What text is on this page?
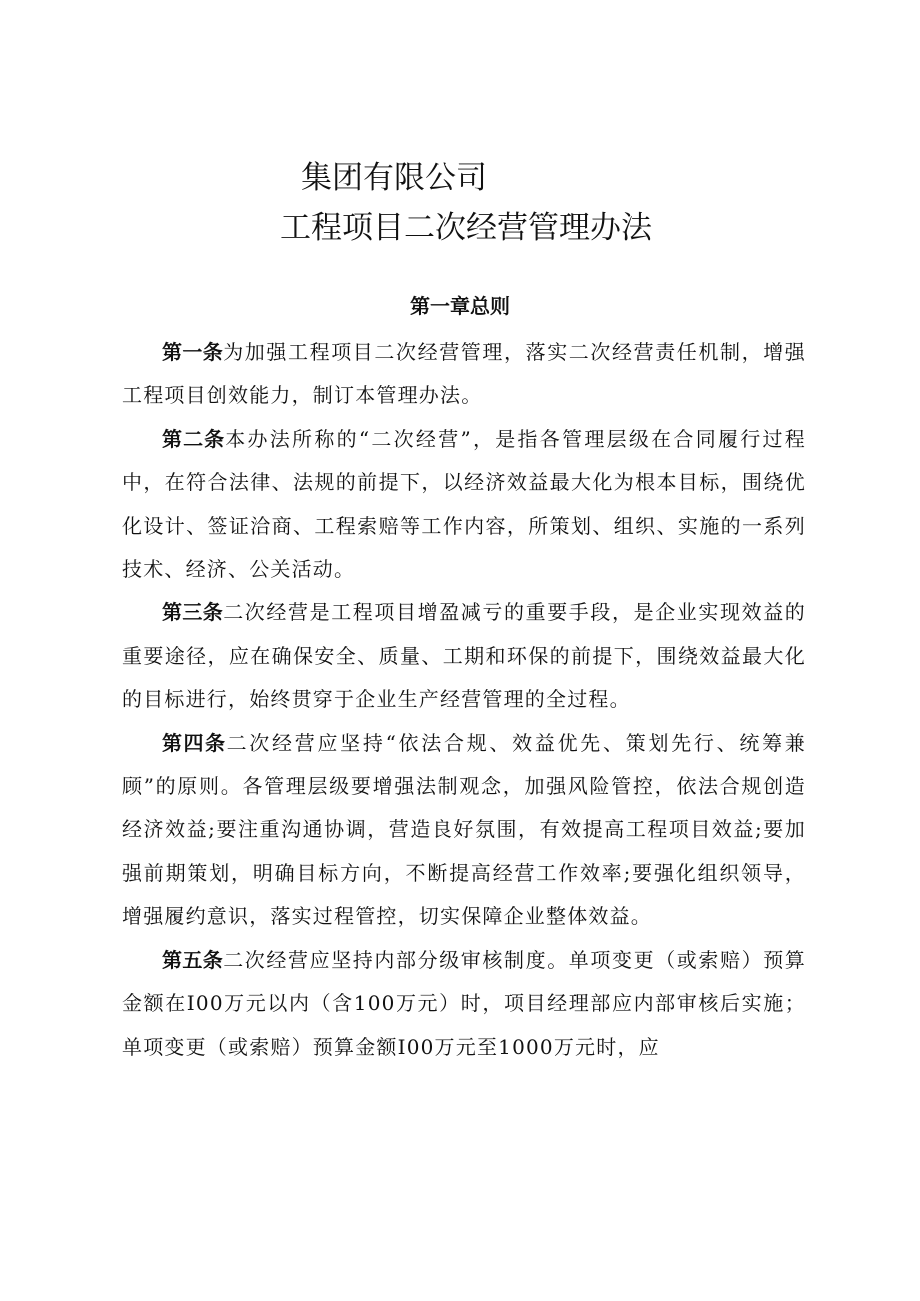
集团有限公司
工程项目二次经营管理办法
第一章总则

第一条为加强工程项目二次经营管理，落实二次经营责任机制，增强工程项目创效能力，制订本管理办法。

第二条本办法所称的“二次经营”，是指各管理层级在合同履行过程中，在符合法律、法规的前提下，以经济效益最大化为根本目标，围绕优化设计、签证洽商、工程索赔等工作内容，所策划、组织、实施的一系列技术、经济、公关活动。

第三条二次经营是工程项目增盈减亏的重要手段，是企业实现效益的重要途径，应在确保安全、质量、工期和环保的前提下，围绕效益最大化的目标进行，始终贯穿于企业生产经营管理的全过程。

第四条二次经营应坚持“依法合规、效益优先、策划先行、统筹兼顾”的原则。各管理层级要增强法制观念，加强风险管控，依法合规创造经济效益;要注重沟通协调，营造良好氛围，有效提高工程项目效益;要加强前期策划，明确目标方向，不断提高经营工作效率;要强化组织领导，增强履约意识，落实过程管控，切实保障企业整体效益。

第五条二次经营应坚持内部分级审核制度。单项变更（或索赔）预算金额在I00万元以内（含100万元）时，项目经理部应内部审核后实施；单项变更（或索赔）预算金额I00万元至1000万元时，应
